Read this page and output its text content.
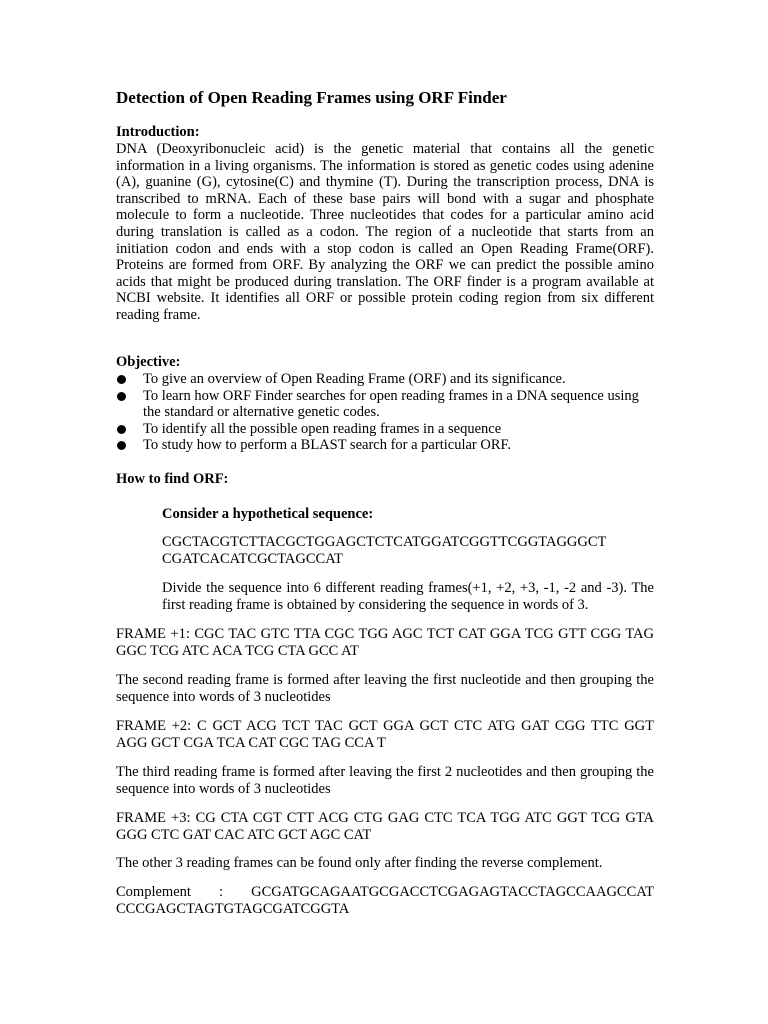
Detection of Open Reading Frames using ORF Finder
Introduction:

DNA (Deoxyribonucleic acid) is the genetic material that contains all the genetic information in a living organisms. The information is stored as genetic codes using adenine (A), guanine (G), cytosine(C) and thymine (T). During the transcription process, DNA is transcribed to mRNA. Each of these base pairs will bond with a sugar and phosphate molecule to form a nucleotide. Three nucleotides that codes for a particular amino acid during translation is called as a codon. The region of a nucleotide that starts from an initiation codon and ends with a stop codon is called an Open Reading Frame(ORF). Proteins are formed from ORF. By analyzing the ORF we can predict the possible amino acids that might be produced during translation. The ORF finder is a program available at NCBI website. It identifies all ORF or possible protein coding region from six different reading frame.

Objective:
To give an overview of Open Reading Frame (ORF) and its significance.
To learn how ORF Finder searches for open reading frames in a DNA sequence using the standard or alternative genetic codes.
To identify all the possible open reading frames in a sequence
To study how to perform a BLAST search for a particular ORF.
How to find ORF:
Consider a hypothetical sequence:
CGCTACGTCTTACGCTGGAGCTCTCATGGATCGGTTCGGTAGGGCT
CGATCACATCGCTAGCCAT

Divide the sequence into 6 different reading frames(+1, +2, +3, -1, -2 and -3). The first reading frame is obtained by considering the sequence in words of 3.

FRAME +1: CGC TAC GTC TTA CGC TGG AGC TCT CAT GGA TCG GTT CGG TAG GGC TCG ATC ACA TCG CTA GCC AT

The second reading frame is formed after leaving the first nucleotide and then grouping the sequence into words of 3 nucleotides

FRAME +2: C GCT ACG TCT TAC GCT GGA GCT CTC ATG GAT CGG TTC GGT AGG GCT CGA TCA CAT CGC TAG CCA T

The third reading frame is formed after leaving the first 2 nucleotides and then grouping the sequence into words of 3 nucleotides

FRAME +3: CG CTA CGT CTT ACG CTG GAG CTC TCA TGG ATC GGT TCG GTA GGG CTC GAT CAC ATC GCT AGC CAT

The other 3 reading frames can be found only after finding the reverse complement.

Complement : GCGATGCAGAATGCGACCTCGAGAGTACCTAGCCAAGCCAT CCCGAGCTAGTGTAGCGATCGGTA
